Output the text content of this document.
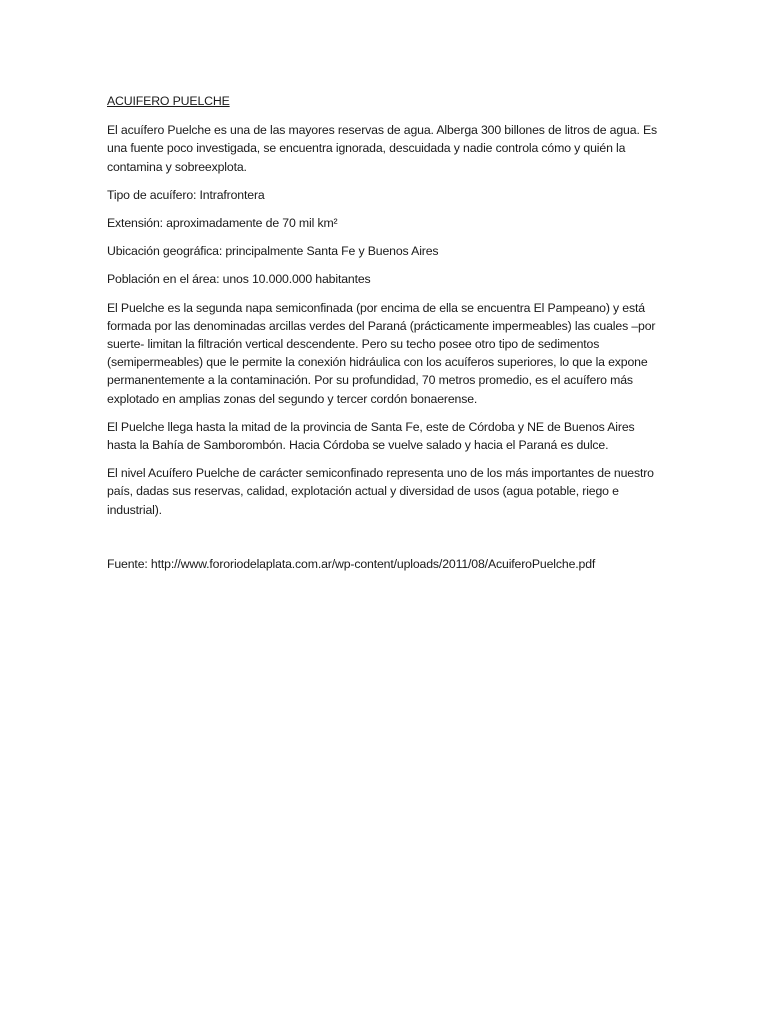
ACUIFERO PUELCHE

El acuífero Puelche es una de las mayores reservas de agua. Alberga 300 billones de litros de agua. Es una fuente poco investigada, se encuentra ignorada, descuidada y nadie controla cómo y quién la contamina y sobreexplota.

Tipo de acuífero: Intrafrontera

Extensión: aproximadamente de 70 mil km²

Ubicación geográfica: principalmente Santa Fe y Buenos Aires

Población en el área: unos 10.000.000 habitantes

El Puelche es la segunda napa semiconfinada (por encima de ella se encuentra El Pampeano) y está formada por las denominadas arcillas verdes del Paraná (prácticamente impermeables) las cuales –por suerte- limitan la filtración vertical descendente. Pero su techo posee otro tipo de sedimentos (semipermeables) que le permite la conexión hidráulica con los acuíferos superiores, lo que la expone permanentemente a la contaminación. Por su profundidad, 70 metros promedio, es el acuífero más explotado en amplias zonas del segundo y tercer cordón bonaerense.

El Puelche llega hasta la mitad de la provincia de Santa Fe, este de Córdoba y NE de Buenos Aires hasta la Bahía de Samborombón. Hacia Córdoba se vuelve salado y hacia el Paraná es dulce.

El nivel Acuífero Puelche de carácter semiconfinado representa uno de los más importantes de nuestro país, dadas sus reservas, calidad, explotación actual y diversidad de usos (agua potable, riego e industrial).

Fuente: http://www.fororiodelaplata.com.ar/wp-content/uploads/2011/08/AcuiferoPuelche.pdf
